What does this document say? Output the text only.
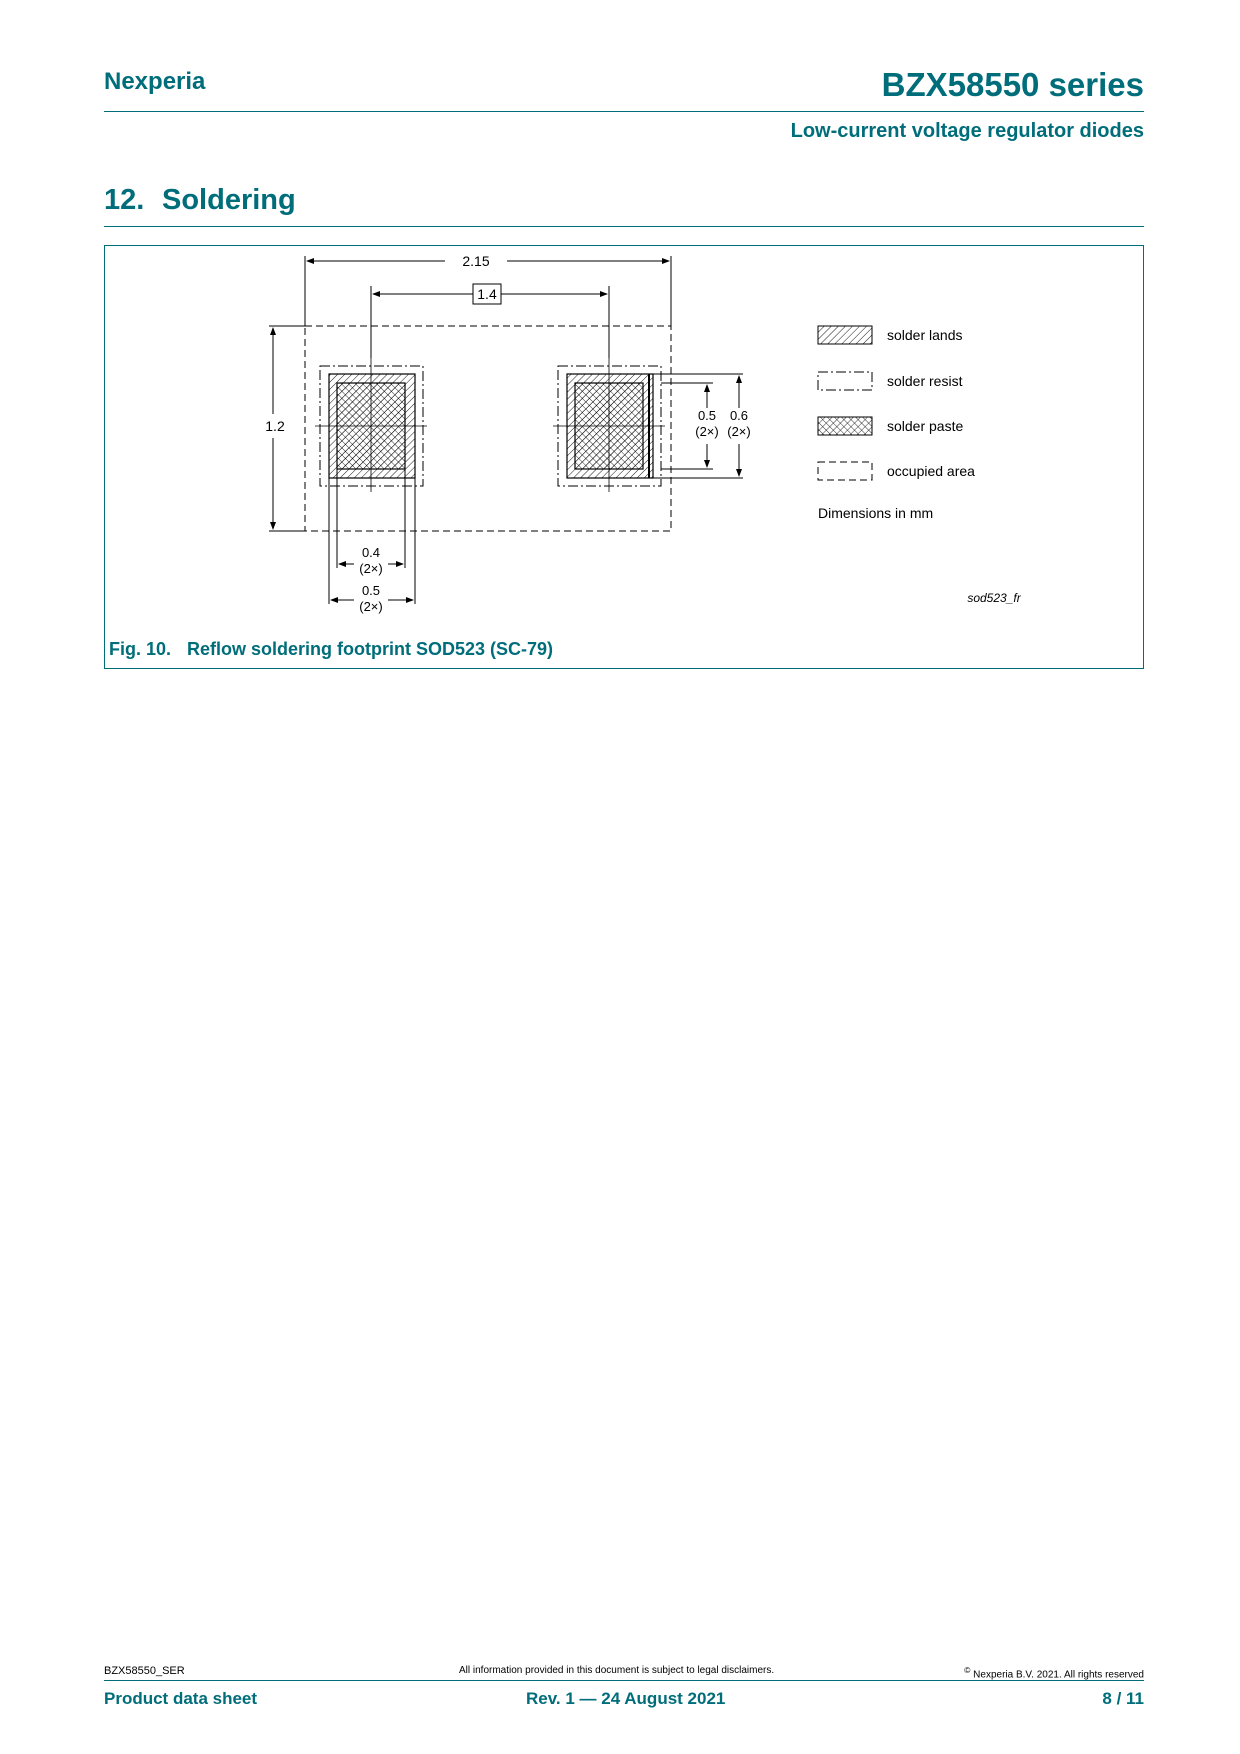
Nexperia	BZX58550 series
Low-current voltage regulator diodes
12. Soldering
2.15
1.4
1.2
0.5
(2×)
0.6
(2×)
0.4
(2×)
0.5
(2×)
solder lands
solder resist
solder paste
occupied area
Dimensions in mm
sod523_fr
Fig. 10. Reflow soldering footprint SOD523 (SC-79)
BZX58550_SER	All information provided in this document is subject to legal disclaimers.	© Nexperia B.V. 2021. All rights reserved
Product data sheet	Rev. 1 — 24 August 2021	8 / 11
